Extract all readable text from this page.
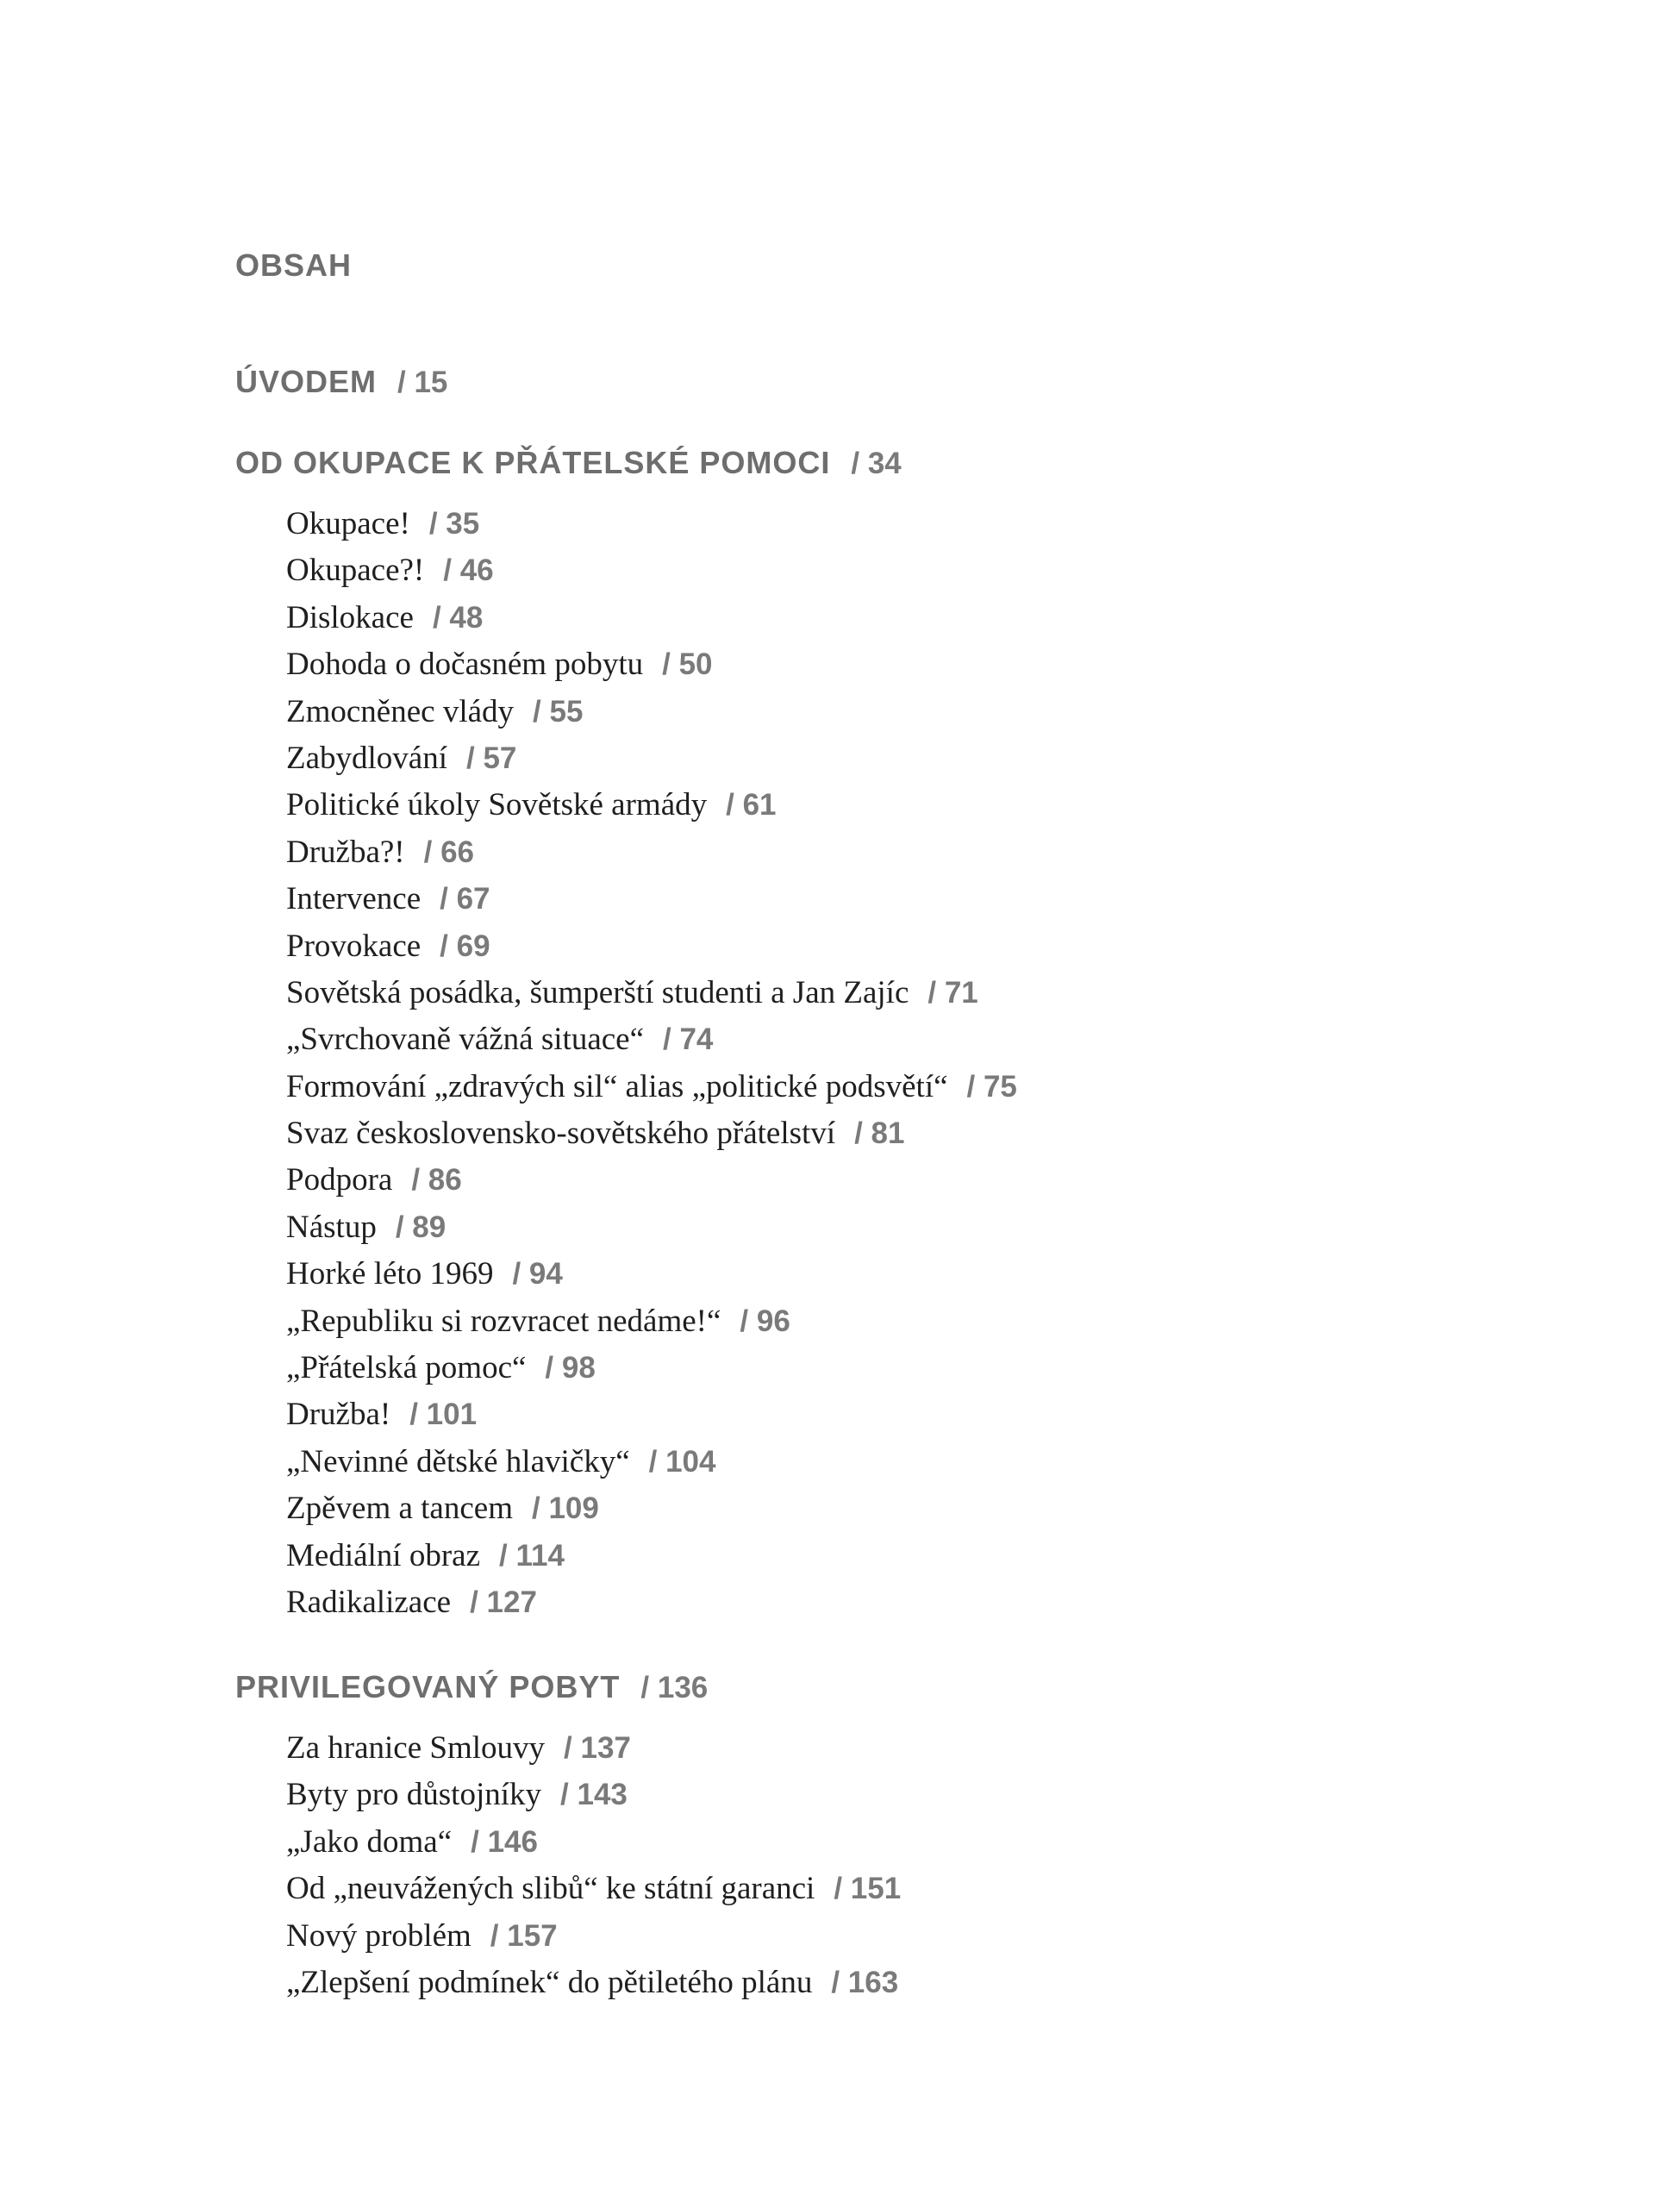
OBSAH
ÚVODEM / 15
OD OKUPACE K PŘÁTELSKÉ POMOCI / 34
Okupace! / 35
Okupace?! / 46
Dislokace / 48
Dohoda o dočasném pobytu / 50
Zmocněnec vlády / 55
Zabydlování / 57
Politické úkoly Sovětské armády / 61
Družba?! / 66
Intervence / 67
Provokace / 69
Sovětská posádka, šumperští studenti a Jan Zajíc / 71
„Svrchovaně vážná situace“ / 74
Formování „zdravých sil“ alias „politické podsvětí“ / 75
Svaz československo-sovětského přátelství / 81
Podpora / 86
Nástup / 89
Horké léto 1969 / 94
„Republiku si rozvracet nedáme!“ / 96
„Přátelská pomoc“ / 98
Družba! / 101
„Nevinné dětské hlavičky“ / 104
Zpěvem a tancem / 109
Mediální obraz / 114
Radikalizace / 127
PRIVILEGOVANÝ POBYT / 136
Za hranice Smlouvy / 137
Byty pro důstojníky / 143
„Jako doma“ / 146
Od „neuvážených slibů“ ke státní garanci / 151
Nový problém / 157
„Zlepšení podmínek“ do pětiletého plánu / 163
